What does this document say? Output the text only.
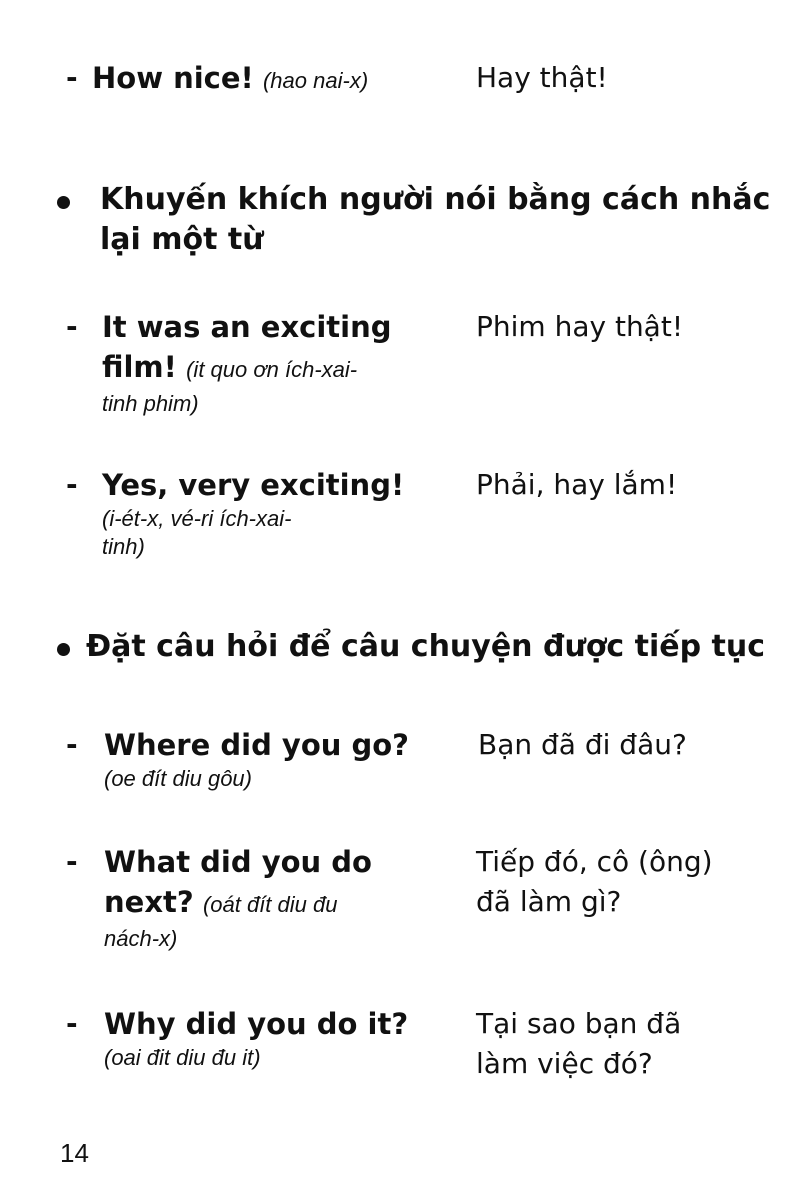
- How nice! (hao nai-x)	Hay thật!
Khuyến khích người nói bằng cách nhắc
lại một từ
- It was an exciting
film! (it quo ơn ích-xai-
tinh phim)
Phim hay thật!
- Yes, very exciting!
(i-ét-x, vé-ri ích-xai-
tinh)
Phải, hay lắm!
Đặt câu hỏi để câu chuyện được tiếp tục
- Where did you go?
(oe đít diu gôu)
Bạn đã đi đâu?
- What did you do
next? (oát đít diu đu
nách-x)
Tiếp đó, cô (ông)
đã làm gì?
- Why did you do it?
(oai đit diu đu it)
Tại sao bạn đã
làm việc đó?
14
